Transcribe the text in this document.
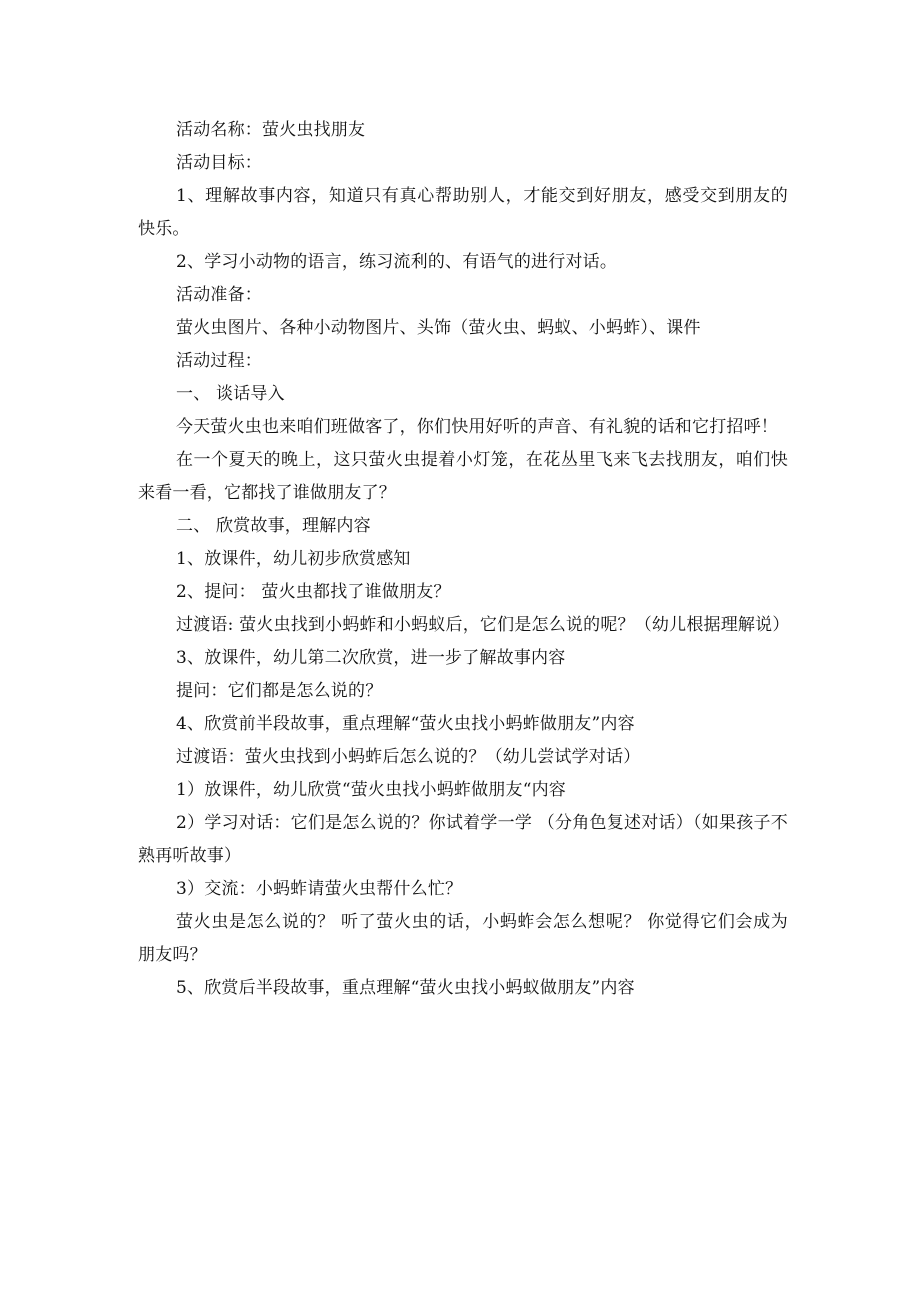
活动名称：萤火虫找朋友

活动目标：

1、理解故事内容，知道只有真心帮助别人，才能交到好朋友，感受交到朋友的快乐。

2、学习小动物的语言，练习流利的、有语气的进行对话。

活动准备：

萤火虫图片、各种小动物图片、头饰（萤火虫、蚂蚁、小蚂蚱）、课件

活动过程：

一、 谈话导入

今天萤火虫也来咱们班做客了，你们快用好听的声音、有礼貌的话和它打招呼！

在一个夏天的晚上，这只萤火虫提着小灯笼，在花丛里飞来飞去找朋友，咱们快来看一看，它都找了谁做朋友了？

二、 欣赏故事，理解内容

1、放课件，幼儿初步欣赏感知

2、提问： 萤火虫都找了谁做朋友？

过渡语: 萤火虫找到小蚂蚱和小蚂蚁后，它们是怎么说的呢？（幼儿根据理解说）

3、放课件，幼儿第二次欣赏，进一步了解故事内容

提问：它们都是怎么说的？

4、欣赏前半段故事，重点理解“萤火虫找小蚂蚱做朋友”内容

过渡语：萤火虫找到小蚂蚱后怎么说的？（幼儿尝试学对话）

1）放课件，幼儿欣赏“萤火虫找小蚂蚱做朋友“内容

2）学习对话：它们是怎么说的？你试着学一学 （分角色复述对话）（如果孩子不熟再听故事）

3）交流：小蚂蚱请萤火虫帮什么忙？

萤火虫是怎么说的？ 听了萤火虫的话，小蚂蚱会怎么想呢？ 你觉得它们会成为朋友吗？

5、欣赏后半段故事，重点理解“萤火虫找小蚂蚁做朋友”内容
